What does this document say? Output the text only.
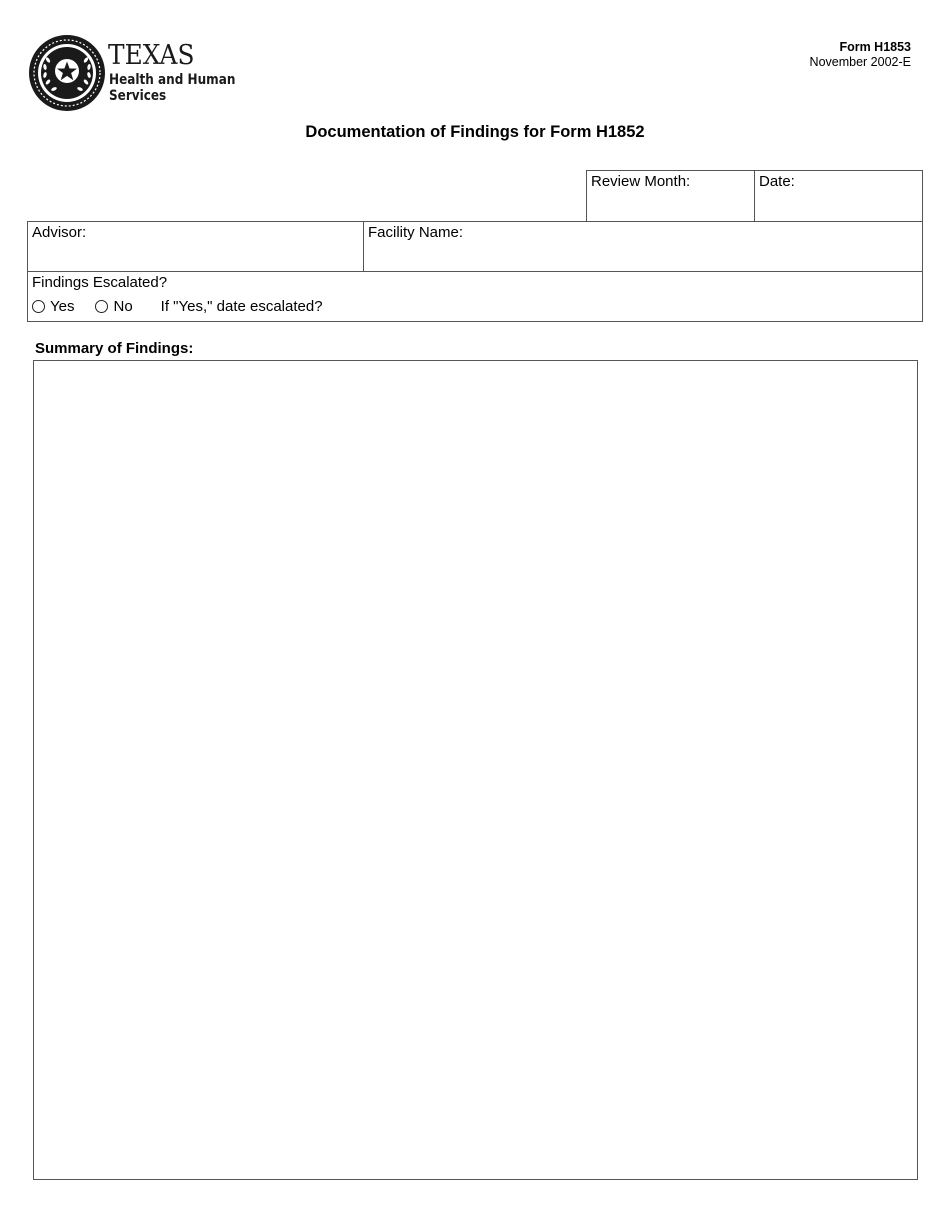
TEXAS
Health and Human
Services
Form H1853
November 2002-E
Documentation of Findings for Form H1852
Review Month:	Date:
Advisor:	Facility Name:
Findings Escalated?
Yes	No If "Yes," date escalated?
Summary of Findings:
